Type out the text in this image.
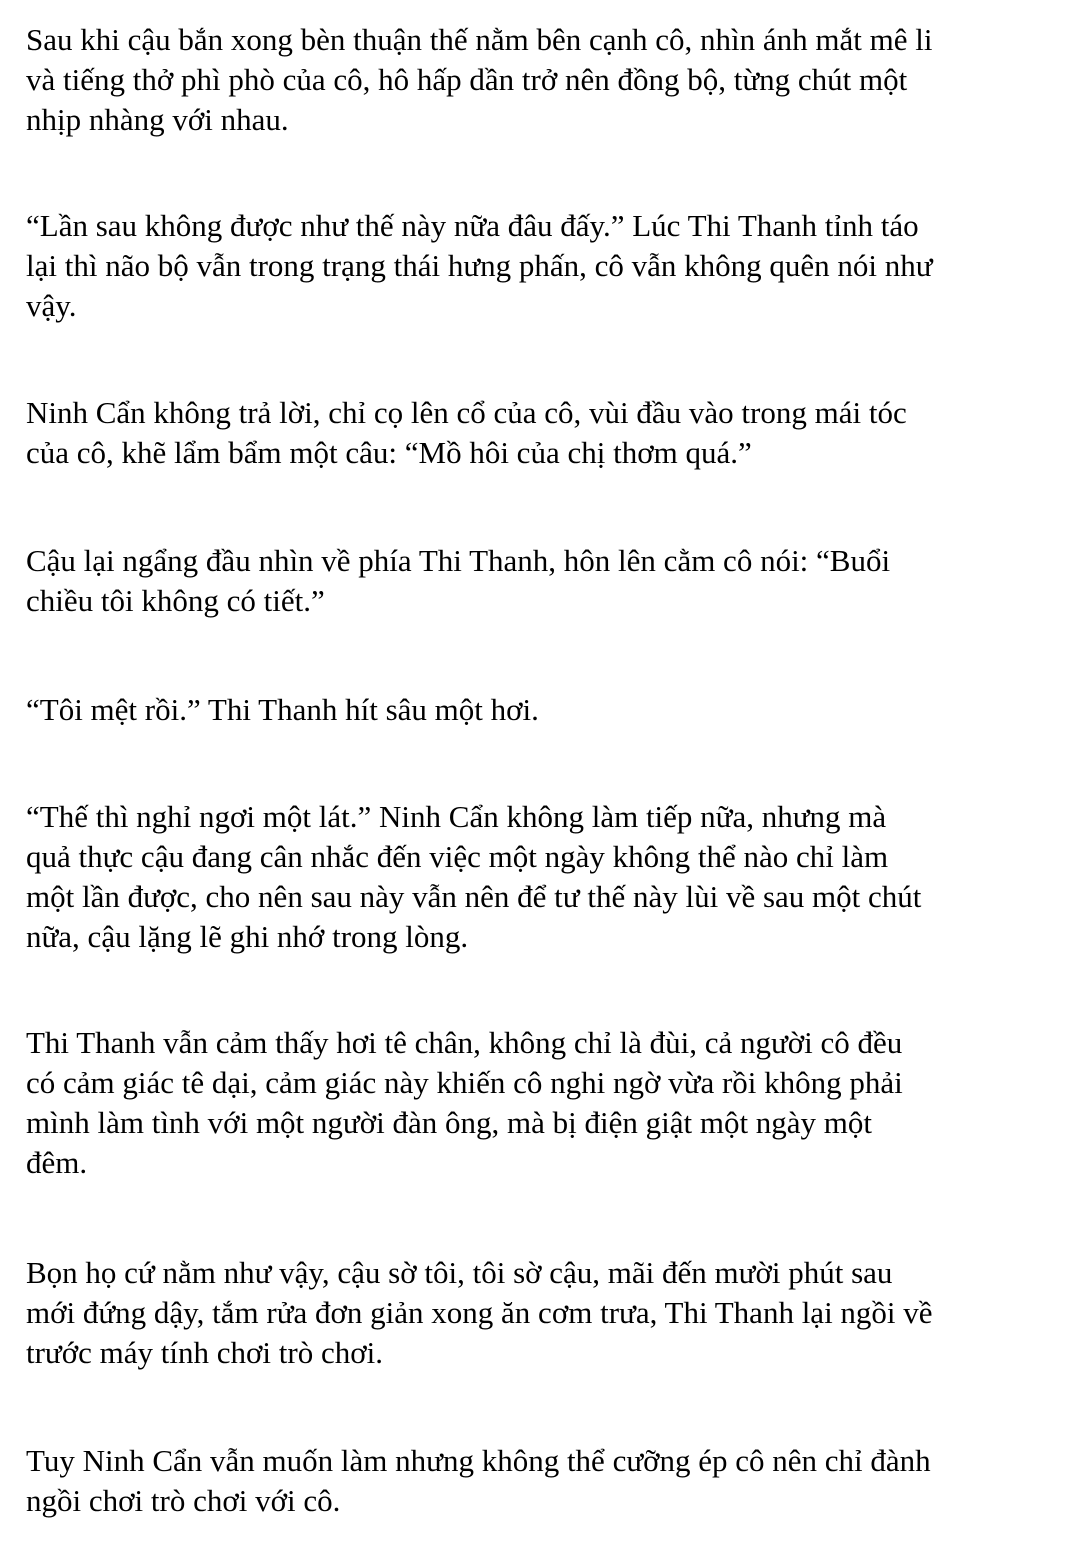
Sau khi cậu bắn xong bèn thuận thế nằm bên cạnh cô, nhìn ánh mắt mê li
và tiếng thở phì phò của cô, hô hấp dần trở nên đồng bộ, từng chút một
nhịp nhàng với nhau.

“Lần sau không được như thế này nữa đâu đấy.” Lúc Thi Thanh tỉnh táo
lại thì não bộ vẫn trong trạng thái hưng phấn, cô vẫn không quên nói như
vậy.

Ninh Cẩn không trả lời, chỉ cọ lên cổ của cô, vùi đầu vào trong mái tóc
của cô, khẽ lẩm bẩm một câu: “Mồ hôi của chị thơm quá.”

Cậu lại ngẩng đầu nhìn về phía Thi Thanh, hôn lên cằm cô nói: “Buổi
chiều tôi không có tiết.”

“Tôi mệt rồi.” Thi Thanh hít sâu một hơi.

“Thế thì nghỉ ngơi một lát.” Ninh Cẩn không làm tiếp nữa, nhưng mà
quả thực cậu đang cân nhắc đến việc một ngày không thể nào chỉ làm
một lần được, cho nên sau này vẫn nên để tư thế này lùi về sau một chút
nữa, cậu lặng lẽ ghi nhớ trong lòng.

Thi Thanh vẫn cảm thấy hơi tê chân, không chỉ là đùi, cả người cô đều
có cảm giác tê dại, cảm giác này khiến cô nghi ngờ vừa rồi không phải
mình làm tình với một người đàn ông, mà bị điện giật một ngày một
đêm.

Bọn họ cứ nằm như vậy, cậu sờ tôi, tôi sờ cậu, mãi đến mười phút sau
mới đứng dậy, tắm rửa đơn giản xong ăn cơm trưa, Thi Thanh lại ngồi về
trước máy tính chơi trò chơi.

Tuy Ninh Cẩn vẫn muốn làm nhưng không thể cưỡng ép cô nên chỉ đành
ngồi chơi trò chơi với cô.
